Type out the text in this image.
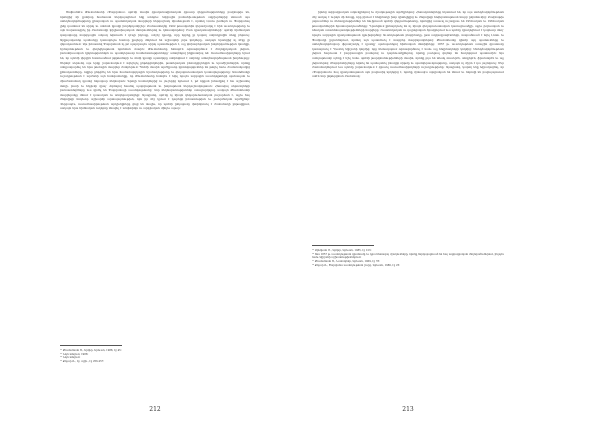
Յովհաննէս Թումանեանի «Փարվանա» պոէմի մասին գրականագիտական գրաւոր վերլուծութիւնները բազմաթիւ են, որոնցից մի քանիսը համառօտ ներկայացնում ենք ստորեւ։ Ազգային բանահիւսութեան աղբիւրներից սնուած այս ստեղծագործութիւնը քնարական ու պատմողական տարրերի ներդաշնակ միաձուլումն է, որտեղ Լոռու լեռներն ու Փարվանայ լիճը դառնում են սիրոյ եւ անմահ կրակի խորհրդանիշեր։ Բանաստեղծը 1902 թուականին վերամշակել է հին աւանդութիւնը եւ այն հարստացրել իր ժամանակի փիլիսոփայական մտորումներով ու կենսափորձով։ Ըստ գրականագէտների՝ պոէմի հիմնական գաղափարը մարդկային անյագ ձգտումն է դէպի իդէալը, անշէջ կրակը, որը երբեք չի կարող ամբողջովին ձեռք բերուել։ Արքայադստեր պահանջը կատարելու համար քաջերը մեկնում են աշխարհի չորս կողմերը, սակայն նրանցից ոչ մէկը չի վերադառնում։ Այս իմաստով Փարվանան ոչ թէ պարզապէս սիրոյ պատմութիւն է, այլ փոխաբերական խորհրդածութիւն կեանքի, ճշմարտութեան եւ գեղեցկութեան որոնման մասին։ Թումանեանը հմտօրէն օգտագործում է ժողովրդական լեզուն, բանահիւսական կրկնութիւններն ու պատկերաւոր համեմատութիւնները՝ ստեղծելով ինքնատիպ ոճ։ Ուսումնասիրողները նշում են, որ պոէմի վերջին հատուածում թիթեռների եւ մոմի կրակի պատկերը ամփոփում է ամբողջ ստեղծագործութեան խորհուրդը։ Սերնդէ սերունդ այս երկը շարունակում է ոգեշնչել ընթերցողներին, թատերական բեմադրիչներին ու երաժիշտներին, որոնք անդրադարձել են նրա թեմային տարբեր ժանրերում։ Պոէմի մասին արժէքաւոր դիտողութիւններ են թողել նաեւ ժամանակակից քննադատները, ովքեր ընդգծել են նրա համամարդկային նշանակութիւնը եւ գեղարուեստական կատարելութիւնը։ Առանձնակի ուշադրութեան է արժանի այն հանգամանքը, որ Թումանեանը հանգէս է եկել որպէս ազգային աւանդոյթների պահապան եւ միաժամանակ դրանց նորարար մեկնաբան։ Գրողի նամակներից ու յուշերից երեւում է, թէ որքան խնամքով է նա աշխատել տողի, բառի եւ հնչիւնի վրայ՝ ձգտելով հասնել պարզութեան եւ խորութեան ներդաշնակութեան։ Հետագայ սերունդների բանաստեղծները եւս դիմել են Փարվանայի աւանդութեանը՝ նոր մեկնաբանութիւններ առաջարկելով, սակայն Թումանեանի տարբերակը մնում է դասական ու անգերազանցելի։ Այսպիսով, պոէմը ոչ միայն գեղարուեստական յուշարձան է, այլեւ հայ ժողովրդի հոգեւոր աշխարհի արտայայտութիւն, որն իր մէջ կրում է դարերի իմաստութիւն եւ յաւերժական արժէքներ։ Վերջապէս, ուսումնասիրութեան արդիւնքները ցոյց են տալիս, որ պոէմի ընկալումը փոփոխուել է ժամանակի ընթացքում, սակայն նրա հիմնական ուղերձը մնացել է անփոփոխ ու արդիական մինչեւ այսօր։

¹¹ Թումանեան Յ., Երկեր, Երեւան, 1988, էջ 45:
¹² Նոյն տեղում, 1988:
¹³ Նոյն տեղում:
¹⁴ Քոչար Ռ., նշ. աշխ., էջ 256-257:
212

իրենց ազգագրական ակունքներով եւ մշակութային արժէքներով։ Հետազօտողները նկատում են, որ այս ստեղծագործութեան մէջ առկայ է ուրոյն մի հմայք, որը բխում է հեղինակի խոր գիտելիքից եւ ժողովրդի հոգեբանութեան նուրբ ըմբռնումից։ Բազմաթիւ յօդուածներ ու մենագրութիւններ են նուիրուած պոէմի վերլուծութեանը, որոնցից առաւել ուշագրաւ են 1950-ական եւ 1960-ական թուականներին հրատարակուածները։ Դրանցում քննարկուել են ոչ միայն գեղարուեստական կառուցուածքի, այլեւ լեզուական ու ոճական առանձնայատկութիւնների հարցերը։ Ուսանողական ու դպրոցական ծրագրերում եւս պոէմը զբաղեցնում է կարեւոր տեղ՝ որպէս ազգային գրականութեան գլուխգործոց։ Աւանդութեան բնօրինակը, ըստ ազգագրագէտների, տարածուած է եղել Լոռու եւ Փամբակի շրջաններում, որտեղ այն պատմուել է տարբեր տարբերակներով։ Թումանեանը գիտէր այդ պատումները եւ ստեղծագործաբար վերամշակել է դրանք՝ պահպանելով հիմնական մոտիվները։ 1857 թ. աւանդութեան առաջին գրառումը կատարուել է Ղեւոնդ Ալիշանի կողմից, որը հետագայում օգտագործուել է նաեւ այլ հեղինակների կողմից։ Ստեղծագործութեան լեզուն հարուստ է բարբառային բառերով ու դարձուածքներով, որոնք յաւելեալ գոյներ են հաղորդում պատումին։ Այս առնչութեամբ պէտք է նշել նաեւ պոէմի թարգմանութիւնների մասին, որոնք լոյս են տեսել ռուսերէն, անգլերէն, ֆրանսերէն եւ այլ լեզուներով։ Թարգմանիչները ձգտել են պահպանել բնագրի ռիթմը եւ պատկերաւորութիւնը, սակայն ոչ միշտ է դա յաջողուել։ Մեր ժամանակներում եւս պոէմը շարունակում է գրաւել ուսումնասիրողների ուշադրութիւնը։ Այսպիսով, կարող ենք եզրակացնել, որ «Փարվանան» հայ գրականութեան այն բացառիկ երկերից է, որոնք մշտապէս արդիական են մնում եւ նորովի են բացայայտւում ամէն նոր ընթերցման ժամանակ։

¹⁵ Աբեղեան Մ., Երկեր, Երեւան, 1985, էջ 123:
¹⁶ Տես 1857 թ. աւանդութեան գրառումը եւ դրա հետագայ մշակումները, որոնք ներկայացուած են հայ ազգագրական ժողովածուներում, ինչպէս նաեւ Ալիշանի աշխատութիւններում:
¹⁷ Թումանեան Յ., Նամակներ, Երեւան, 1969, էջ 78:
¹⁸ Քոչար Ռ., Փարվանա աւանդութեան շուրջ, Երեւան, 1986, էջ 25:
213
